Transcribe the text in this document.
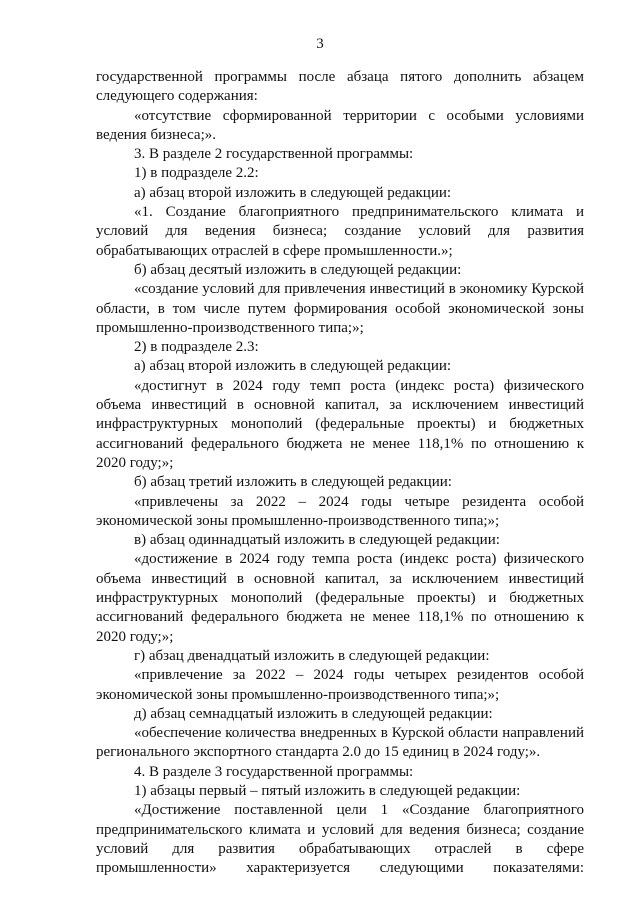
3

государственной программы после абзаца пятого дополнить абзацем следующего содержания:

«отсутствие сформированной территории с особыми условиями ведения бизнеса;».

3. В разделе 2 государственной программы:

1) в подразделе 2.2:

а) абзац второй изложить в следующей редакции:

«1. Создание благоприятного предпринимательского климата и условий для ведения бизнеса; создание условий для развития обрабатывающих отраслей в сфере промышленности.»;

б) абзац десятый изложить в следующей редакции:

«создание условий для привлечения инвестиций в экономику Курской области, в том числе путем формирования особой экономической зоны промышленно-производственного типа;»;

2) в подразделе 2.3:

а) абзац второй изложить в следующей редакции:

«достигнут в 2024 году темп роста (индекс роста) физического объема инвестиций в основной капитал, за исключением инвестиций инфраструктурных монополий (федеральные проекты) и бюджетных ассигнований федерального бюджета не менее 118,1% по отношению к 2020 году;»;

б) абзац третий изложить в следующей редакции:

«привлечены за 2022 – 2024 годы четыре резидента особой экономической зоны промышленно-производственного типа;»;

в) абзац одиннадцатый изложить в следующей редакции:

«достижение в 2024 году темпа роста (индекс роста) физического объема инвестиций в основной капитал, за исключением инвестиций инфраструктурных монополий (федеральные проекты) и бюджетных ассигнований федерального бюджета не менее 118,1% по отношению к 2020 году;»;

г) абзац двенадцатый изложить в следующей редакции:

«привлечение за 2022 – 2024 годы четырех резидентов особой экономической зоны промышленно-производственного типа;»;

д) абзац семнадцатый изложить в следующей редакции:

«обеспечение количества внедренных в Курской области направлений регионального экспортного стандарта 2.0 до 15 единиц в 2024 году;».

4. В разделе 3 государственной программы:

1) абзацы первый – пятый изложить в следующей редакции:

«Достижение поставленной цели 1 «Создание благоприятного предпринимательского климата и условий для ведения бизнеса; создание условий для развития обрабатывающих отраслей в сфере промышленности» характеризуется следующими показателями:
